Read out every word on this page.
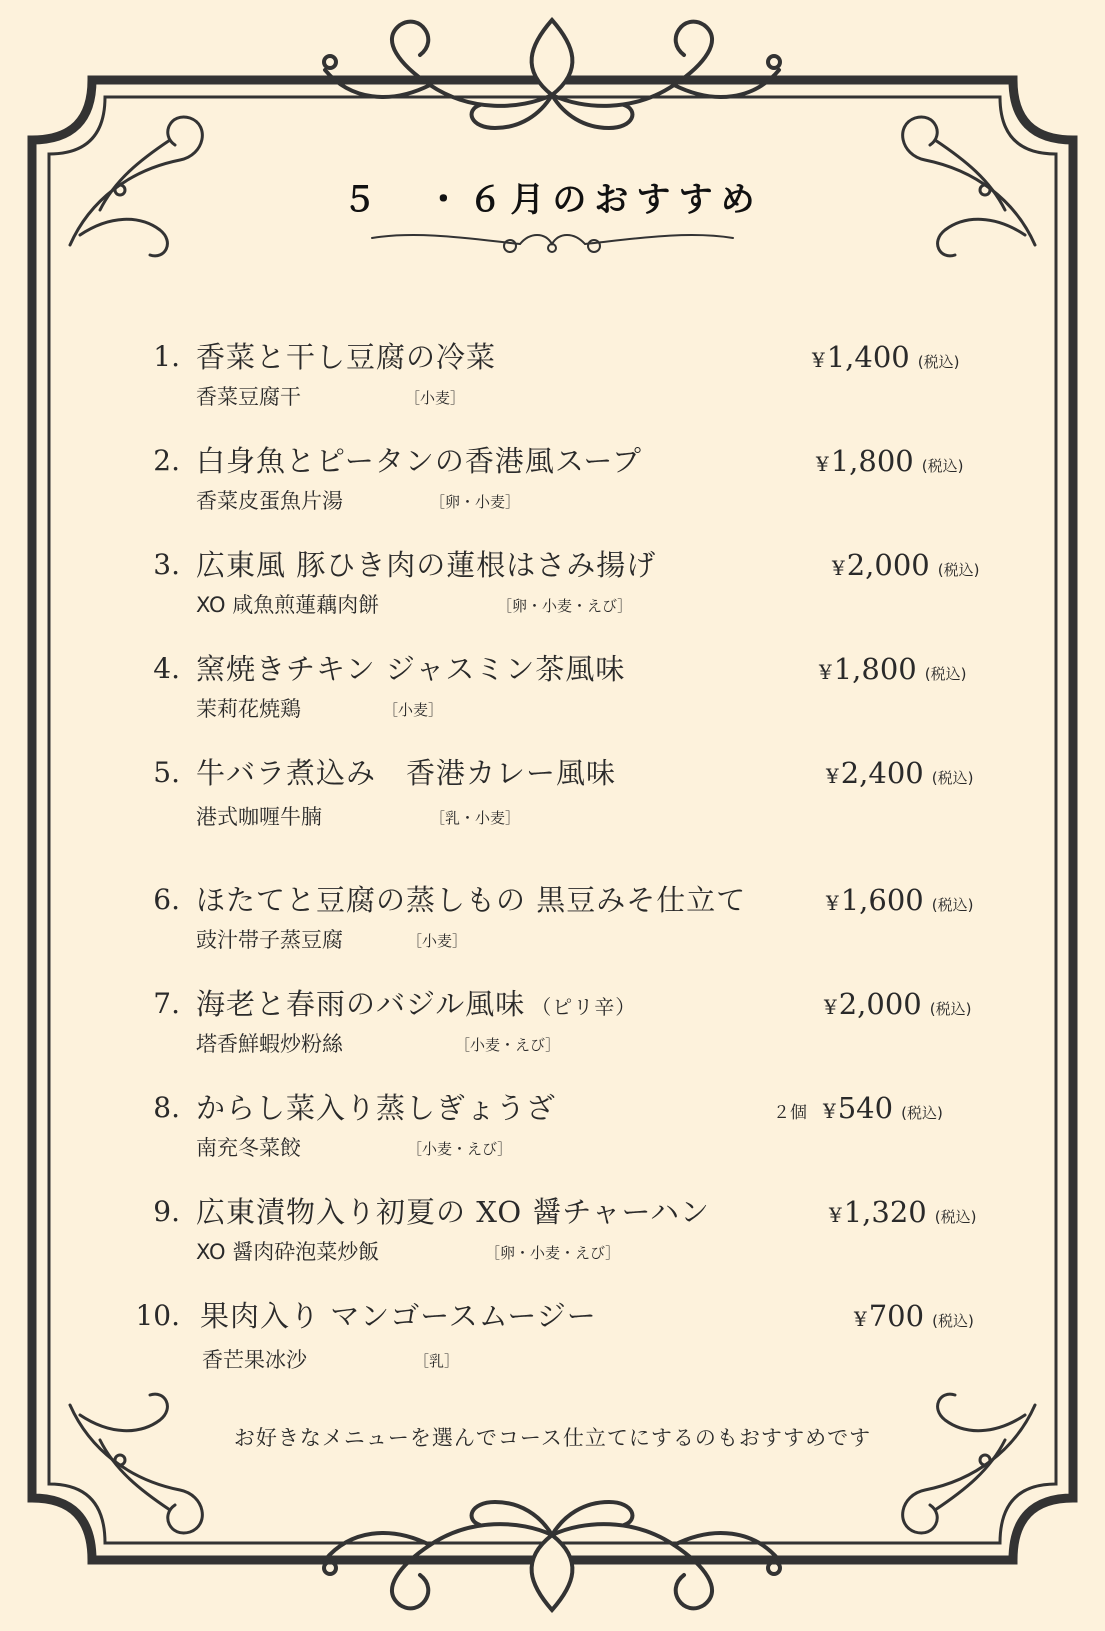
５　・６月のおすすめ
1. 香菜と干し豆腐の冷菜
香菜豆腐干	［小麦］
¥1,400 (税込)
2. 白身魚とピータンの香港風スープ
香菜皮蛋魚片湯	［卵・小麦］
¥1,800 (税込)
3. 広東風 豚ひき肉の蓮根はさみ揚げ
XO 咸魚煎蓮藕肉餅	［卵・小麦・えび］
¥2,000 (税込)
4. 窯焼きチキン ジャスミン茶風味
茉莉花焼鶏	［小麦］
¥1,800 (税込)
5. 牛バラ煮込み　香港カレー風味
港式咖喱牛腩	［乳・小麦］
¥2,400 (税込)
6. ほたてと豆腐の蒸しもの 黒豆みそ仕立て
豉汁帯子蒸豆腐	［小麦］
¥1,600 (税込)
7. 海老と春雨のバジル風味 （ピリ辛）
塔香鮮蝦炒粉絲	［小麦・えび］
¥2,000 (税込)
8. からし菜入り蒸しぎょうざ
南充冬菜餃	［小麦・えび］
２個 ¥540 (税込)
9. 広東漬物入り初夏の XO 醤チャーハン
XO 醤肉砕泡菜炒飯	［卵・小麦・えび］
¥1,320 (税込)
10. 果肉入り マンゴースムージー
香芒果冰沙	［乳］
¥700 (税込)
お好きなメニューを選んでコース仕立てにするのもおすすめです
